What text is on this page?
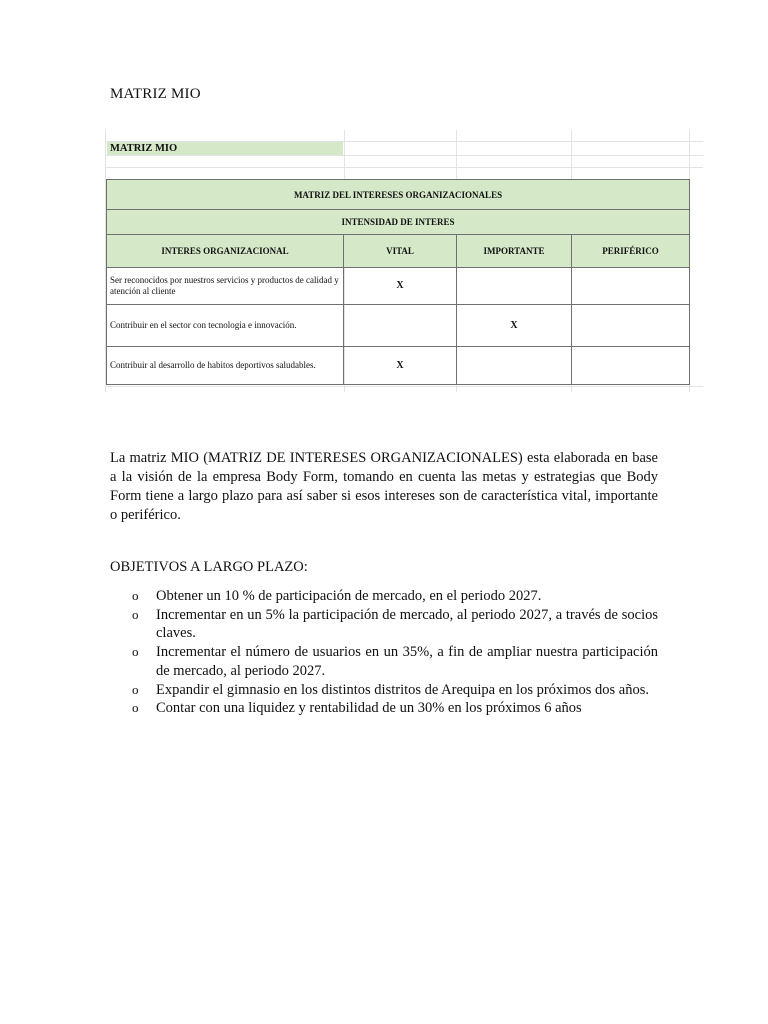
MATRIZ MIO
MATRIZ MIO
MATRIZ DEL INTERESES ORGANIZACIONALES			
INTENSIDAD DE INTERES			
INTERES ORGANIZACIONAL	VITAL	IMPORTANTE	PERIFÉRICO
Ser reconocidos por nuestros servicios y productos de calidad y atención al cliente	X		
Contribuir en el sector con tecnologia e innovación.		X	
Contribuir al desarrollo de habitos deportivos saludables.	X		

La matriz MIO (MATRIZ DE INTERESES ORGANIZACIONALES) esta elaborada en base a la visión de la empresa Body Form, tomando en cuenta las metas y estrategias que Body Form tiene a largo plazo para así saber si esos intereses son de característica vital, importante o periférico.

OBJETIVOS A LARGO PLAZO:

o Obtener un 10 % de participación de mercado, en el periodo 2027.
o Incrementar en un 5% la participación de mercado, al periodo 2027, a través de socios claves.
o Incrementar el número de usuarios en un 35%, a fin de ampliar nuestra participación de mercado, al periodo 2027.
o Expandir el gimnasio en los distintos distritos de Arequipa en los próximos dos años.
o Contar con una liquidez y rentabilidad de un 30% en los próximos 6 años
